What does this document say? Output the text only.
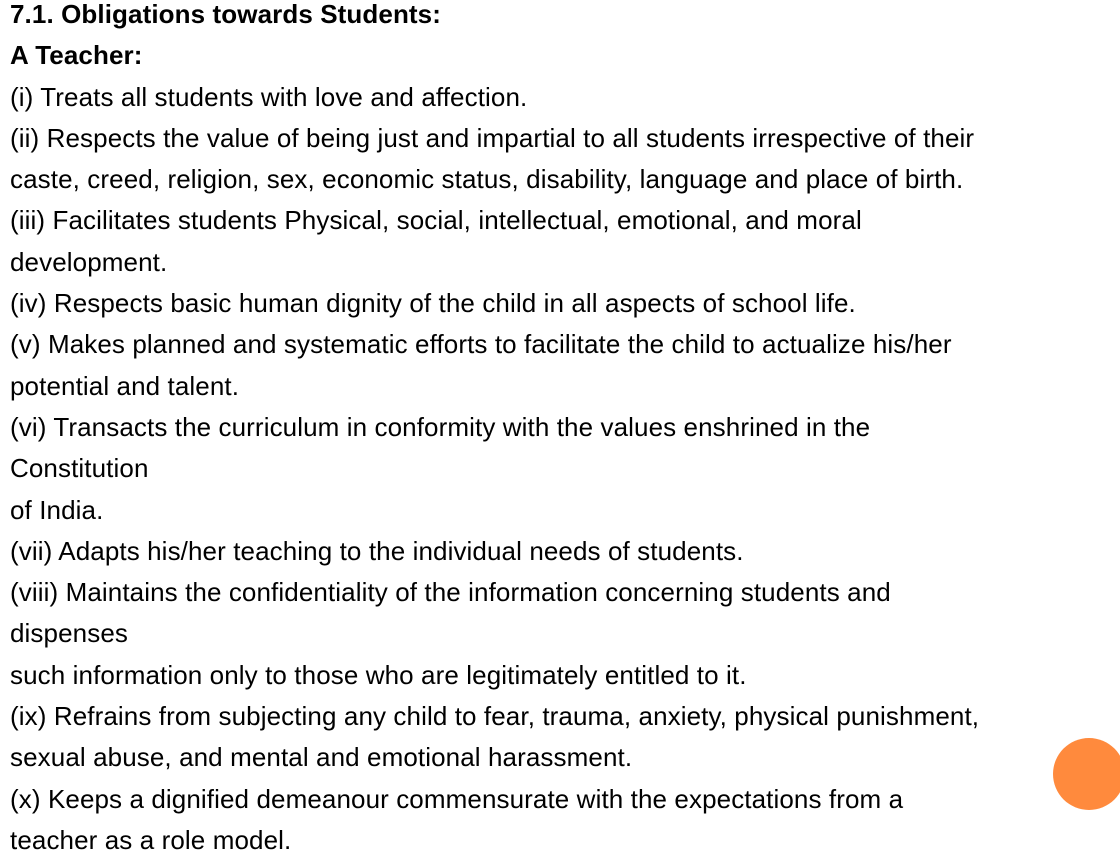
7.1. Obligations towards Students:
A Teacher:
(i) Treats all students with love and affection.
(ii) Respects the value of being just and impartial to all students irrespective of their
caste, creed, religion, sex, economic status, disability, language and place of birth.
(iii) Facilitates students Physical, social, intellectual, emotional, and moral
development.
(iv) Respects basic human dignity of the child in all aspects of school life.
(v) Makes planned and systematic efforts to facilitate the child to actualize his/her
potential and talent.
(vi) Transacts the curriculum in conformity with the values enshrined in the
Constitution
of India.
(vii) Adapts his/her teaching to the individual needs of students.
(viii) Maintains the confidentiality of the information concerning students and
dispenses
such information only to those who are legitimately entitled to it.
(ix) Refrains from subjecting any child to fear, trauma, anxiety, physical punishment,
sexual abuse, and mental and emotional harassment.
(x) Keeps a dignified demeanour commensurate with the expectations from a
teacher as a role model.
